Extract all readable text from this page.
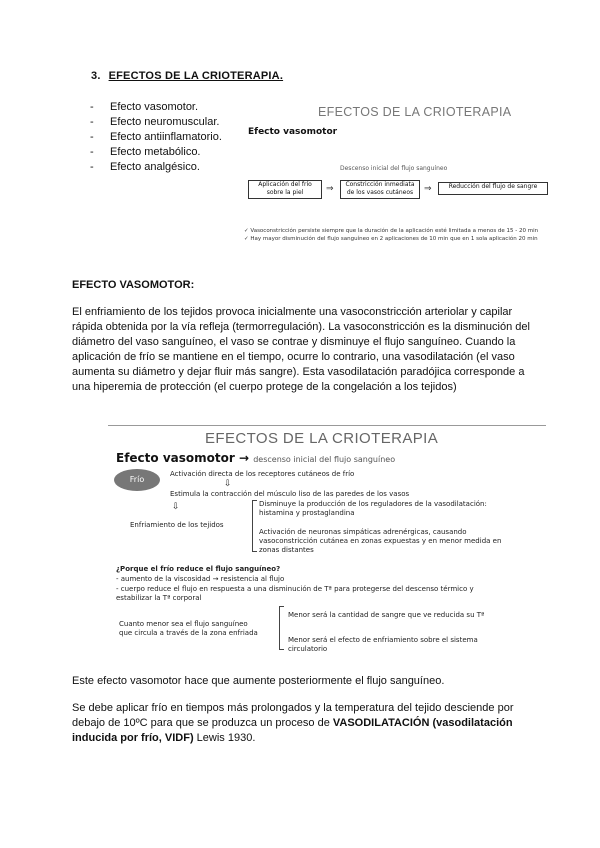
3. EFECTOS DE LA CRIOTERAPIA.
- Efecto vasomotor.
- Efecto neuromuscular.
- Efecto antiinflamatorio.
- Efecto metabólico.
- Efecto analgésico.
EFECTOS DE LA CRIOTERAPIA
Efecto vasomotor
Descenso inicial del flujo sanguíneo
Aplicación del frío sobre la piel	⇒	Constricción inmediata de los vasos cutáneos	⇒	Reducción del flujo de sangre
✓ Vasoconstricción persiste siempre que la duración de la aplicación esté limitada a menos de 15 - 20 min
✓ Hay mayor disminución del flujo sanguíneo en 2 aplicaciones de 10 min que en 1 sola aplicación 20 min
EFECTO VASOMOTOR:

El enfriamiento de los tejidos provoca inicialmente una vasoconstricción arteriolar y capilar rápida obtenida por la vía refleja (termorregulación). La vasoconstricción es la disminución del diámetro del vaso sanguíneo, el vaso se contrae y disminuye el flujo sanguíneo. Cuando la aplicación de frío se mantiene en el tiempo, ocurre lo contrario, una vasodilatación (el vaso aumenta su diámetro y dejar fluir más sangre). Esta vasodilatación paradójica corresponde a una hiperemia de protección (el cuerpo protege de la congelación a los tejidos)

EFECTOS DE LA CRIOTERAPIA
Efecto vasomotor → descenso inicial del flujo sanguíneo
Frío
Activación directa de los receptores cutáneos de frío
⇩
Estimula la contracción del músculo liso de las paredes de los vasos
⇩
Enfriamiento de los tejidos
Disminuye la producción de los reguladores de la vasodilatación:
histamina y prostaglandina
Activación de neuronas simpáticas adrenérgicas, causando
vasoconstricción cutánea en zonas expuestas y en menor medida en
zonas distantes
¿Porque el frío reduce el flujo sanguíneo?
- aumento de la viscosidad → resistencia al flujo
- cuerpo reduce el flujo en respuesta a una disminución de Tª para protegerse del descenso térmico y
estabilizar la Tª corporal
Cuanto menor sea el flujo sanguíneo
que circula a través de la zona enfriada
Menor será la cantidad de sangre que ve reducida su Tª
Menor será el efecto de enfriamiento sobre el sistema
circulatorio

Este efecto vasomotor hace que aumente posteriormente el flujo sanguíneo.

Se debe aplicar frío en tiempos más prolongados y la temperatura del tejido desciende por debajo de 10ºC para que se produzca un proceso de VASODILATACIÓN (vasodilatación inducida por frío, VIDF) Lewis 1930.
